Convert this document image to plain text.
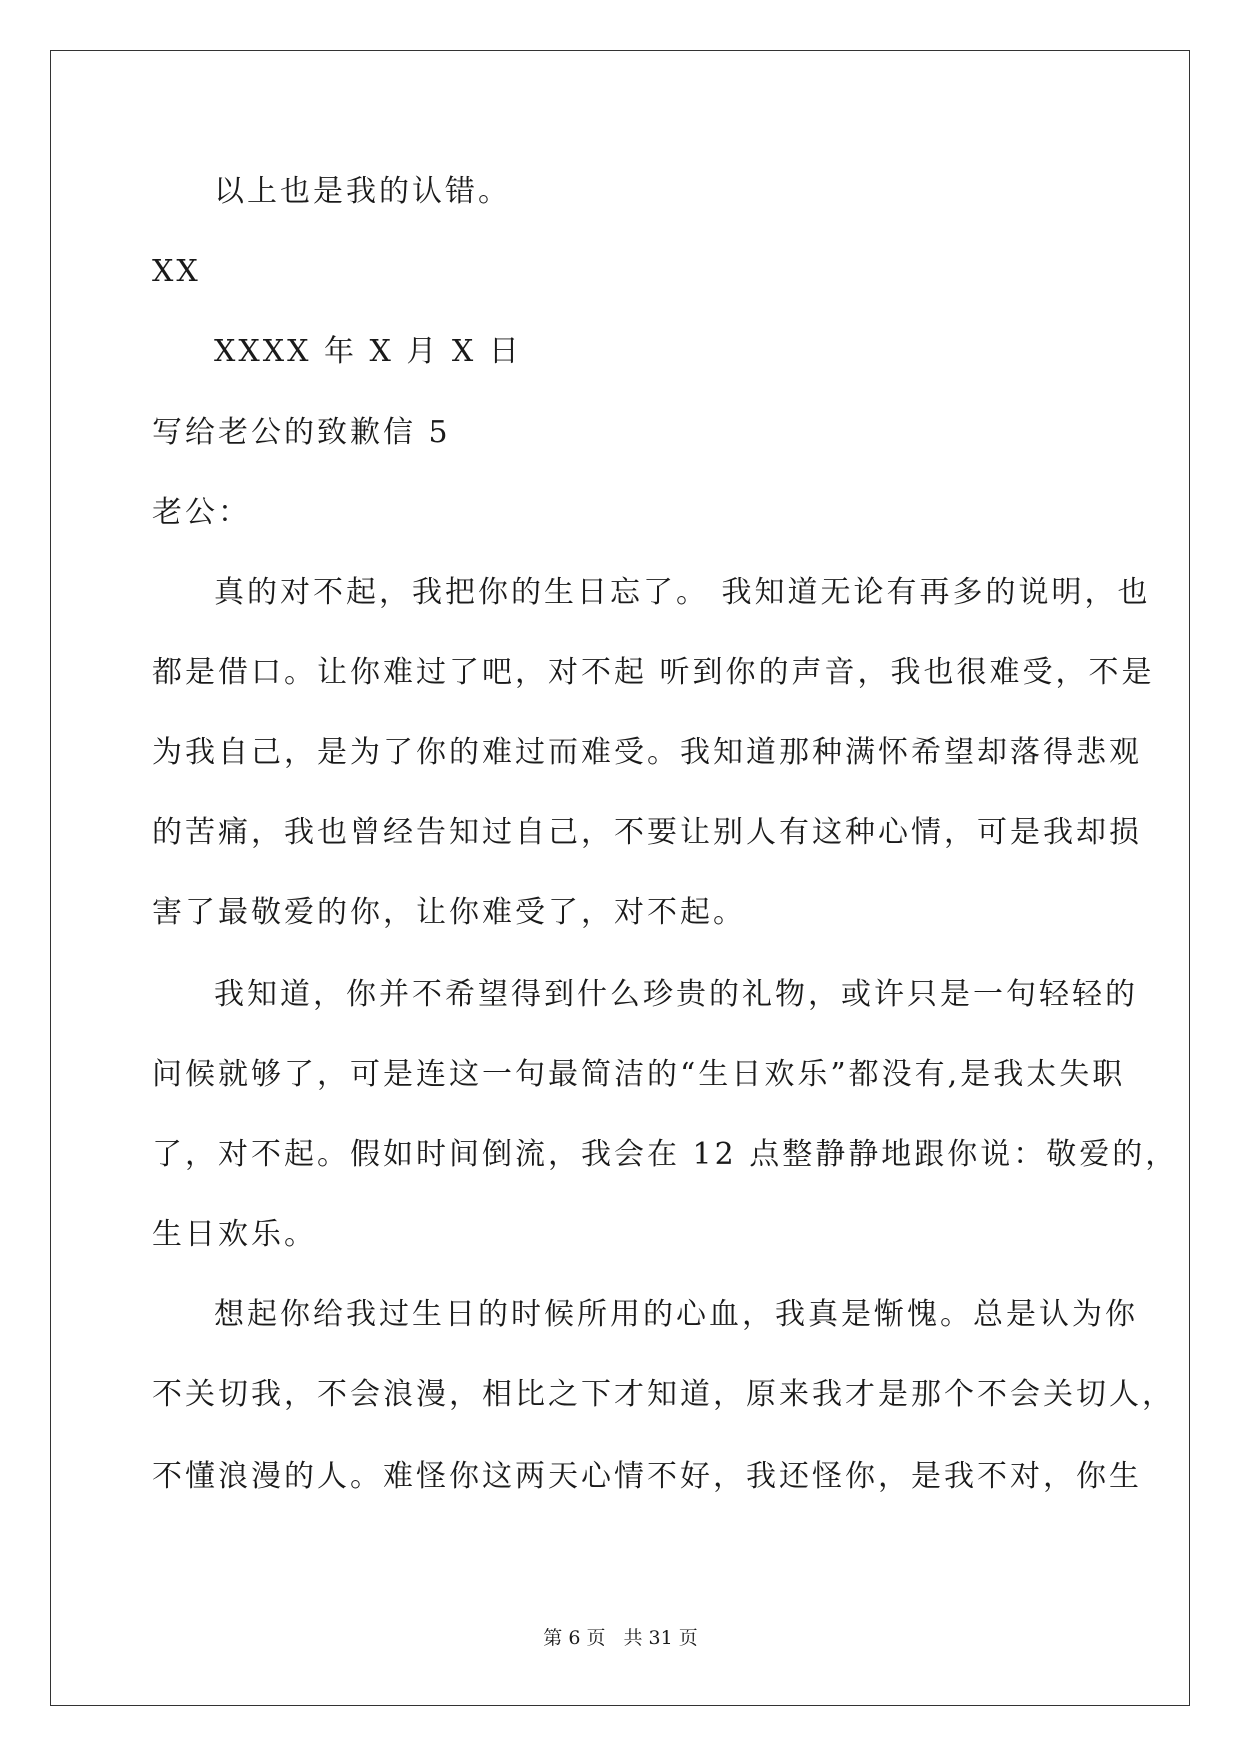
以上也是我的认错。
XX
XXXX 年 X 月 X 日
写给老公的致歉信 5
老公：
真的对不起，我把你的生日忘了。 我知道无论有再多的说明，也
都是借口。让你难过了吧，对不起 听到你的声音，我也很难受，不是
为我自己，是为了你的难过而难受。我知道那种满怀希望却落得悲观
的苦痛，我也曾经告知过自己，不要让别人有这种心情，可是我却损
害了最敬爱的你，让你难受了，对不起。
我知道，你并不希望得到什么珍贵的礼物，或许只是一句轻轻的
问候就够了，可是连这一句最简洁的“生日欢乐”都没有,是我太失职
了，对不起。假如时间倒流，我会在 12 点整静静地跟你说：敬爱的，
生日欢乐。
想起你给我过生日的时候所用的心血，我真是惭愧。总是认为你
不关切我，不会浪漫，相比之下才知道，原来我才是那个不会关切人，
不懂浪漫的人。难怪你这两天心情不好，我还怪你，是我不对，你生
第 6 页 共 31 页
